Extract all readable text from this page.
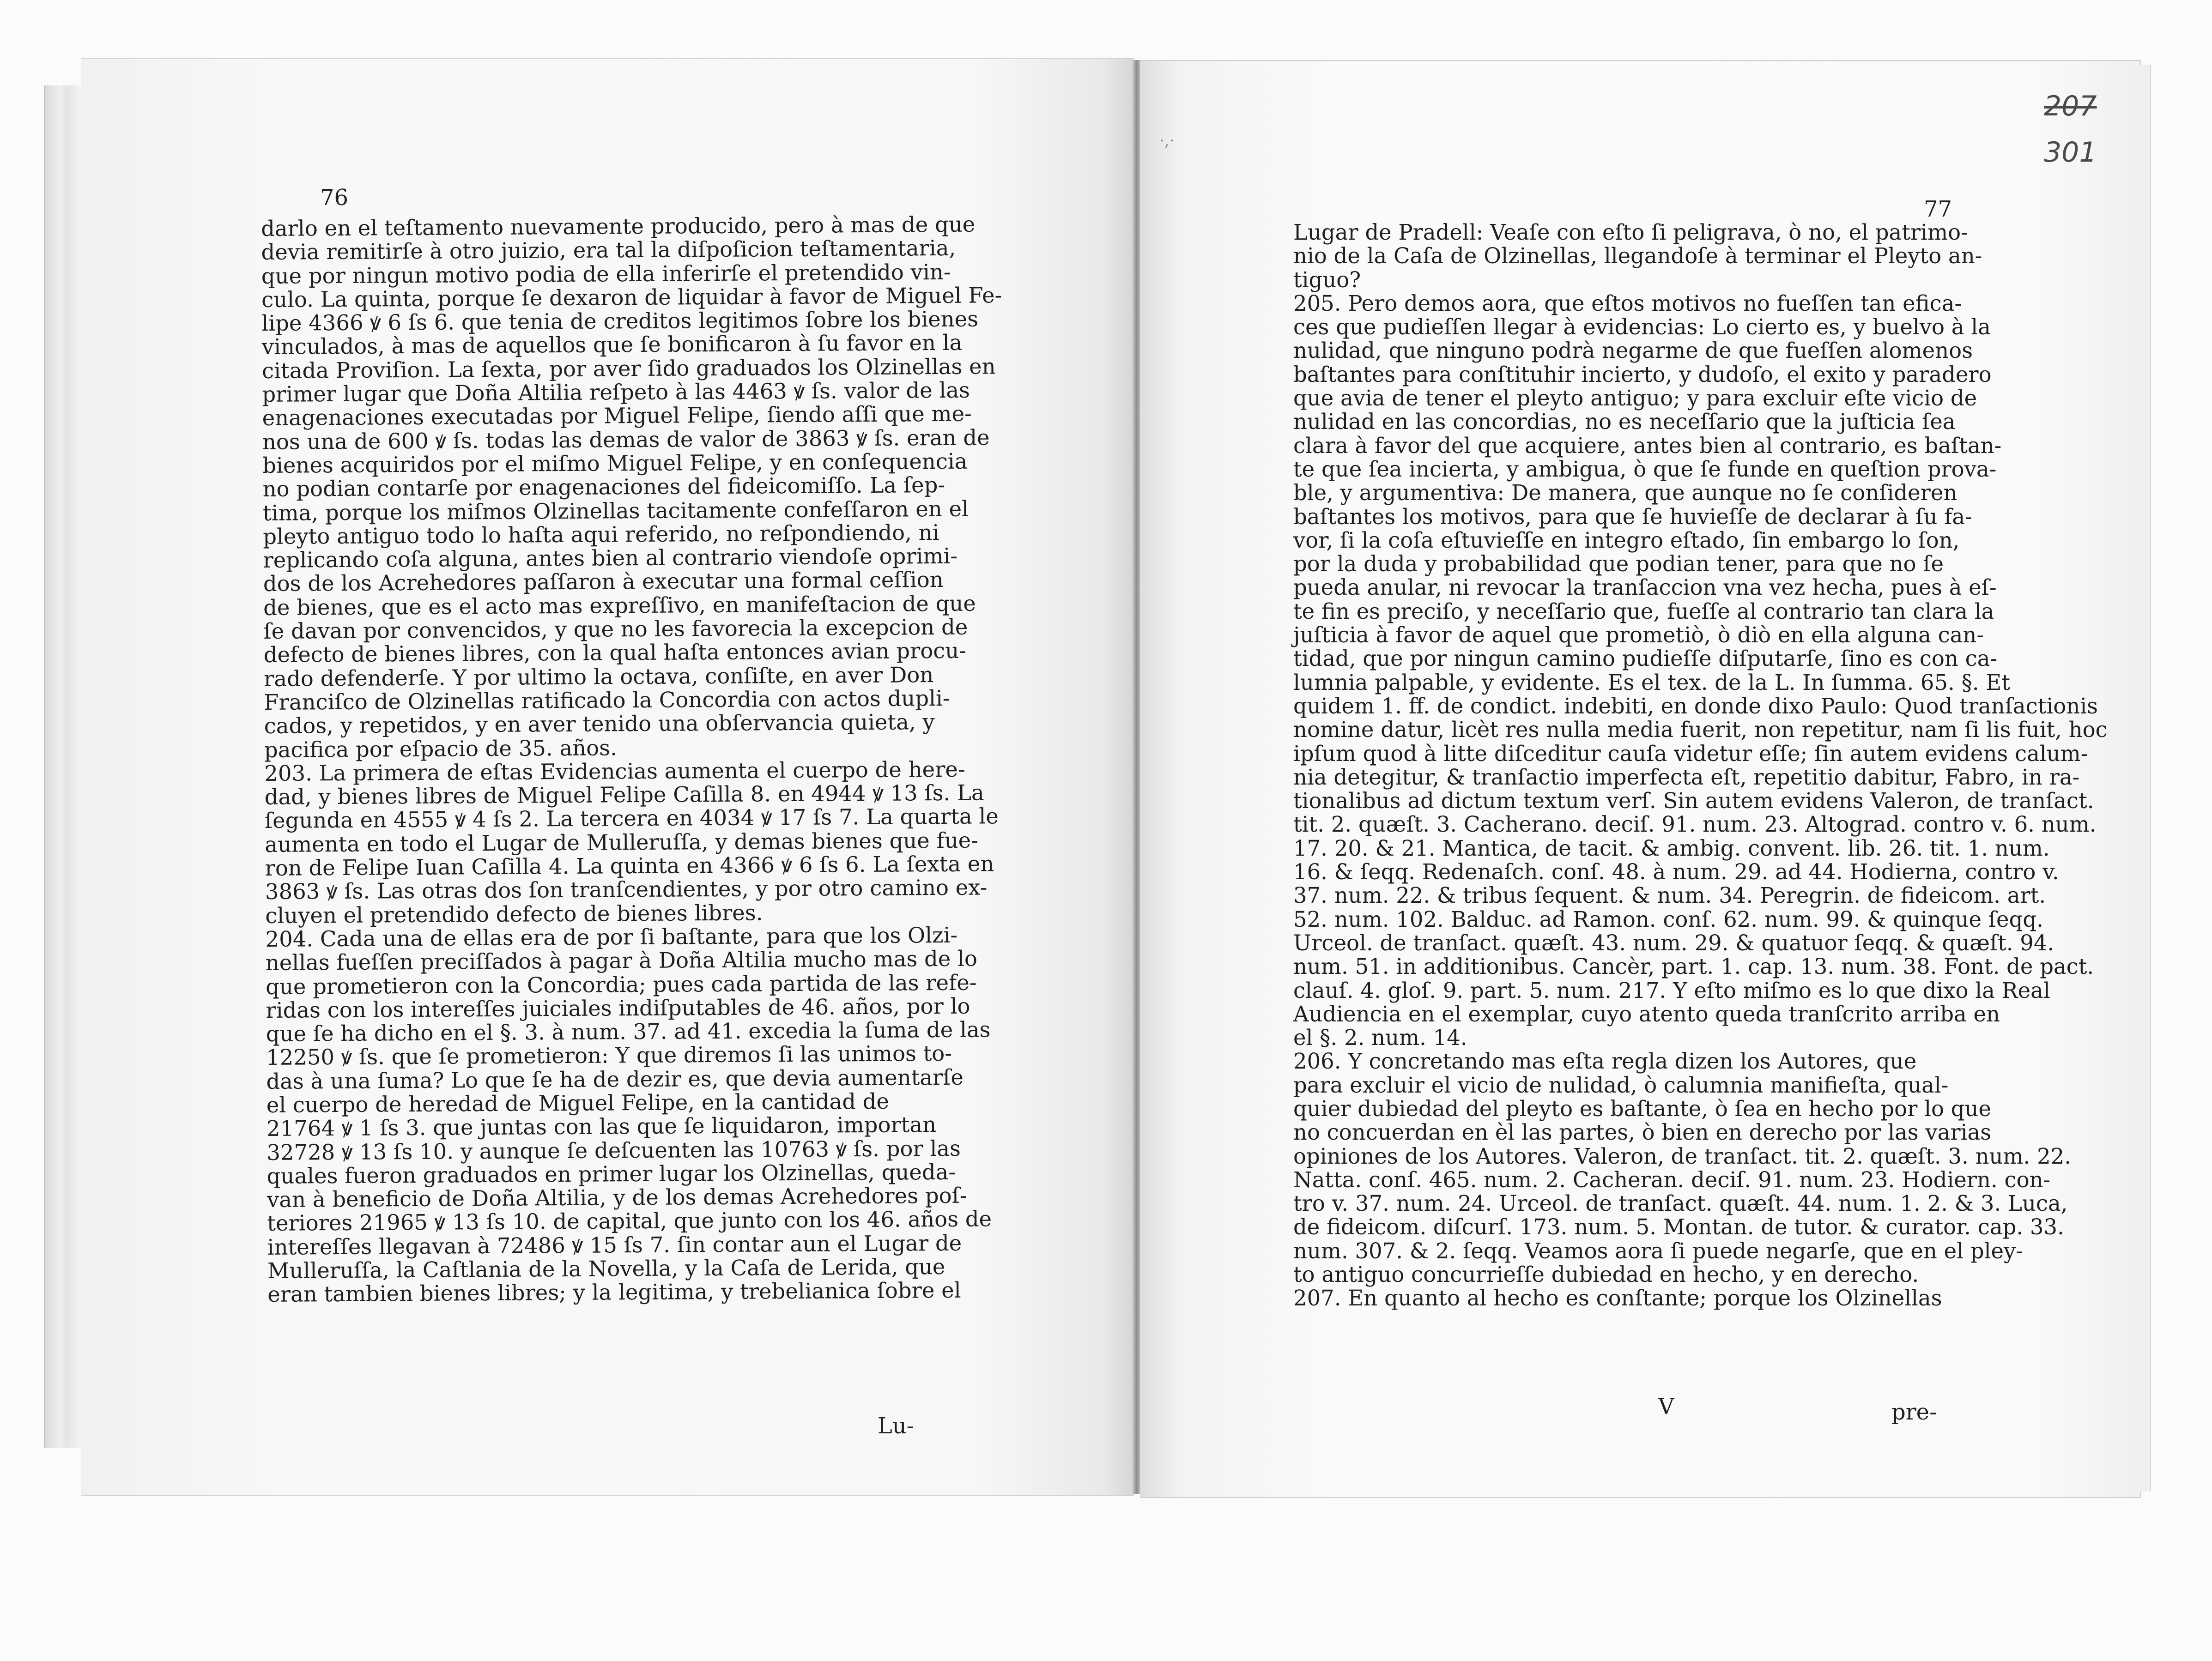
76
darlo en el teſtamento nuevamente producido, pero à mas de que
devia remitirſe à otro juizio, era tal la diſpoſicion teſtamentaria,
que por ningun motivo podia de ella inferirſe el pretendido vin-
culo. La quinta, porque ſe dexaron de liquidar à favor de Miguel Fe-
lipe 4366 ꝟ 6 ſs 6. que tenia de creditos legitimos ſobre los bienes
vinculados, à mas de aquellos que ſe bonificaron à ſu favor en la
citada Proviſion. La ſexta, por aver ſido graduados los Olzinellas en
primer lugar que Doña Altilia reſpeto à las 4463 ꝟ ſs. valor de las
enagenaciones executadas por Miguel Felipe, ſiendo aſſi que me-
nos una de 600 ꝟ ſs. todas las demas de valor de 3863 ꝟ ſs. eran de
bienes acquiridos por el miſmo Miguel Felipe, y en conſequencia
no podian contarſe por enagenaciones del fideicomiſſo. La ſep-
tima, porque los miſmos Olzinellas tacitamente confeſſaron en el
pleyto antiguo todo lo haſta aqui referido, no reſpondiendo, ni
replicando coſa alguna, antes bien al contrario viendoſe oprimi-
dos de los Acrehedores paſſaron à executar una formal ceſſion
de bienes, que es el acto mas expreſſivo, en manifeſtacion de que
ſe davan por convencidos, y que no les favorecia la excepcion de
defecto de bienes libres, con la qual haſta entonces avian procu-
rado defenderſe. Y por ultimo la octava, conſiſte, en aver Don
Franciſco de Olzinellas ratificado la Concordia con actos dupli-
cados, y repetidos, y en aver tenido una obſervancia quieta, y
pacifica por eſpacio de 35. años.
203. La primera de eſtas Evidencias aumenta el cuerpo de here-
dad, y bienes libres de Miguel Felipe Caſilla 8. en 4944 ꝟ 13 ſs. La
ſegunda en 4555 ꝟ 4 ſs 2. La tercera en 4034 ꝟ 17 ſs 7. La quarta le
aumenta en todo el Lugar de Mulleruſſa, y demas bienes que fue-
ron de Felipe Iuan Caſilla 4. La quinta en 4366 ꝟ 6 ſs 6. La ſexta en
3863 ꝟ ſs. Las otras dos ſon tranſcendientes, y por otro camino ex-
cluyen el pretendido defecto de bienes libres.
204. Cada una de ellas era de por ſi baſtante, para que los Olzi-
nellas fueſſen preciſſados à pagar à Doña Altilia mucho mas de lo
que prometieron con la Concordia; pues cada partida de las refe-
ridas con los intereſſes juiciales indiſputables de 46. años, por lo
que ſe ha dicho en el §. 3. à num. 37. ad 41. excedia la ſuma de las
12250 ꝟ ſs. que ſe prometieron: Y que diremos ſi las unimos to-
das à una ſuma? Lo que ſe ha de dezir es, que devia aumentarſe
el cuerpo de heredad de Miguel Felipe, en la cantidad de
21764 ꝟ 1 ſs 3. que juntas con las que ſe liquidaron, importan
32728 ꝟ 13 ſs 10. y aunque ſe deſcuenten las 10763 ꝟ ſs. por las
quales fueron graduados en primer lugar los Olzinellas, queda-
van à beneficio de Doña Altilia, y de los demas Acrehedores poſ-
teriores 21965 ꝟ 13 ſs 10. de capital, que junto con los 46. años de
intereſſes llegavan à 72486 ꝟ 15 ſs 7. ſin contar aun el Lugar de
Mulleruſſa, la Caſtlania de la Novella, y la Caſa de Lerida, que
eran tambien bienes libres; y la legitima, y trebelianica ſobre el
Lu-
·,·
77
Lugar de Pradell: Veaſe con eſto ſi peligrava, ò no, el patrimo-
nio de la Caſa de Olzinellas, llegandoſe à terminar el Pleyto an-
tiguo?
205. Pero demos aora, que eſtos motivos no fueſſen tan efica-
ces que pudieſſen llegar à evidencias: Lo cierto es, y buelvo à la
nulidad, que ninguno podrà negarme de que fueſſen alomenos
baſtantes para conſtituhir incierto, y dudoſo, el exito y paradero
que avia de tener el pleyto antiguo; y para excluir eſte vicio de
nulidad en las concordias, no es neceſſario que la juſticia ſea
clara à favor del que acquiere, antes bien al contrario, es baſtan-
te que ſea incierta, y ambigua, ò que ſe funde en queſtion prova-
ble, y argumentiva: De manera, que aunque no ſe conſideren
baſtantes los motivos, para que ſe huvieſſe de declarar à ſu fa-
vor, ſi la coſa eſtuvieſſe en integro eſtado, ſin embargo lo ſon,
por la duda y probabilidad que podian tener, para que no ſe
pueda anular, ni revocar la tranſaccion vna vez hecha, pues à eſ-
te fin es preciſo, y neceſſario que, fueſſe al contrario tan clara la
juſticia à favor de aquel que prometiò, ò diò en ella alguna can-
tidad, que por ningun camino pudieſſe diſputarſe, ſino es con ca-
lumnia palpable, y evidente. Es el tex. de la L. In ſumma. 65. §. Et
quidem 1. ff. de condict. indebiti, en donde dixo Paulo: Quod tranſactionis
nomine datur, licèt res nulla media fuerit, non repetitur, nam ſi lis fuit, hoc
ipſum quod à litte diſceditur cauſa videtur eſſe; ſin autem evidens calum-
nia detegitur, & tranſactio imperfecta eſt, repetitio dabitur, Fabro, in ra-
tionalibus ad dictum textum verſ. Sin autem evidens Valeron, de tranſact.
tit. 2. quæſt. 3. Cacherano. deciſ. 91. num. 23. Altograd. contro v. 6. num.
17. 20. & 21. Mantica, de tacit. & ambig. convent. lib. 26. tit. 1. num.
16. & ſeqq. Redenaſch. conſ. 48. à num. 29. ad 44. Hodierna, contro v.
37. num. 22. & tribus ſequent. & num. 34. Peregrin. de fideicom. art.
52. num. 102. Balduc. ad Ramon. conſ. 62. num. 99. & quinque ſeqq.
Urceol. de tranſact. quæſt. 43. num. 29. & quatuor ſeqq. & quæſt. 94.
num. 51. in additionibus. Cancèr, part. 1. cap. 13. num. 38. Font. de pact.
clauſ. 4. gloſ. 9. part. 5. num. 217. Y eſto miſmo es lo que dixo la Real
Audiencia en el exemplar, cuyo atento queda tranſcrito arriba en
el §. 2. num. 14.
206. Y concretando mas eſta regla dizen los Autores, que
para excluir el vicio de nulidad, ò calumnia manifieſta, qual-
quier dubiedad del pleyto es baſtante, ò ſea en hecho por lo que
no concuerdan en èl las partes, ò bien en derecho por las varias
opiniones de los Autores. Valeron, de tranſact. tit. 2. quæſt. 3. num. 22.
Natta. conſ. 465. num. 2. Cacheran. deciſ. 91. num. 23. Hodiern. con-
tro v. 37. num. 24. Urceol. de tranſact. quæſt. 44. num. 1. 2. & 3. Luca,
de fideicom. diſcurſ. 173. num. 5. Montan. de tutor. & curator. cap. 33.
num. 307. & 2. ſeqq. Veamos aora ſi puede negarſe, que en el pley-
to antiguo concurrieſſe dubiedad en hecho, y en derecho.
207. En quanto al hecho es conſtante; porque los Olzinellas
V	pre-
207
301
